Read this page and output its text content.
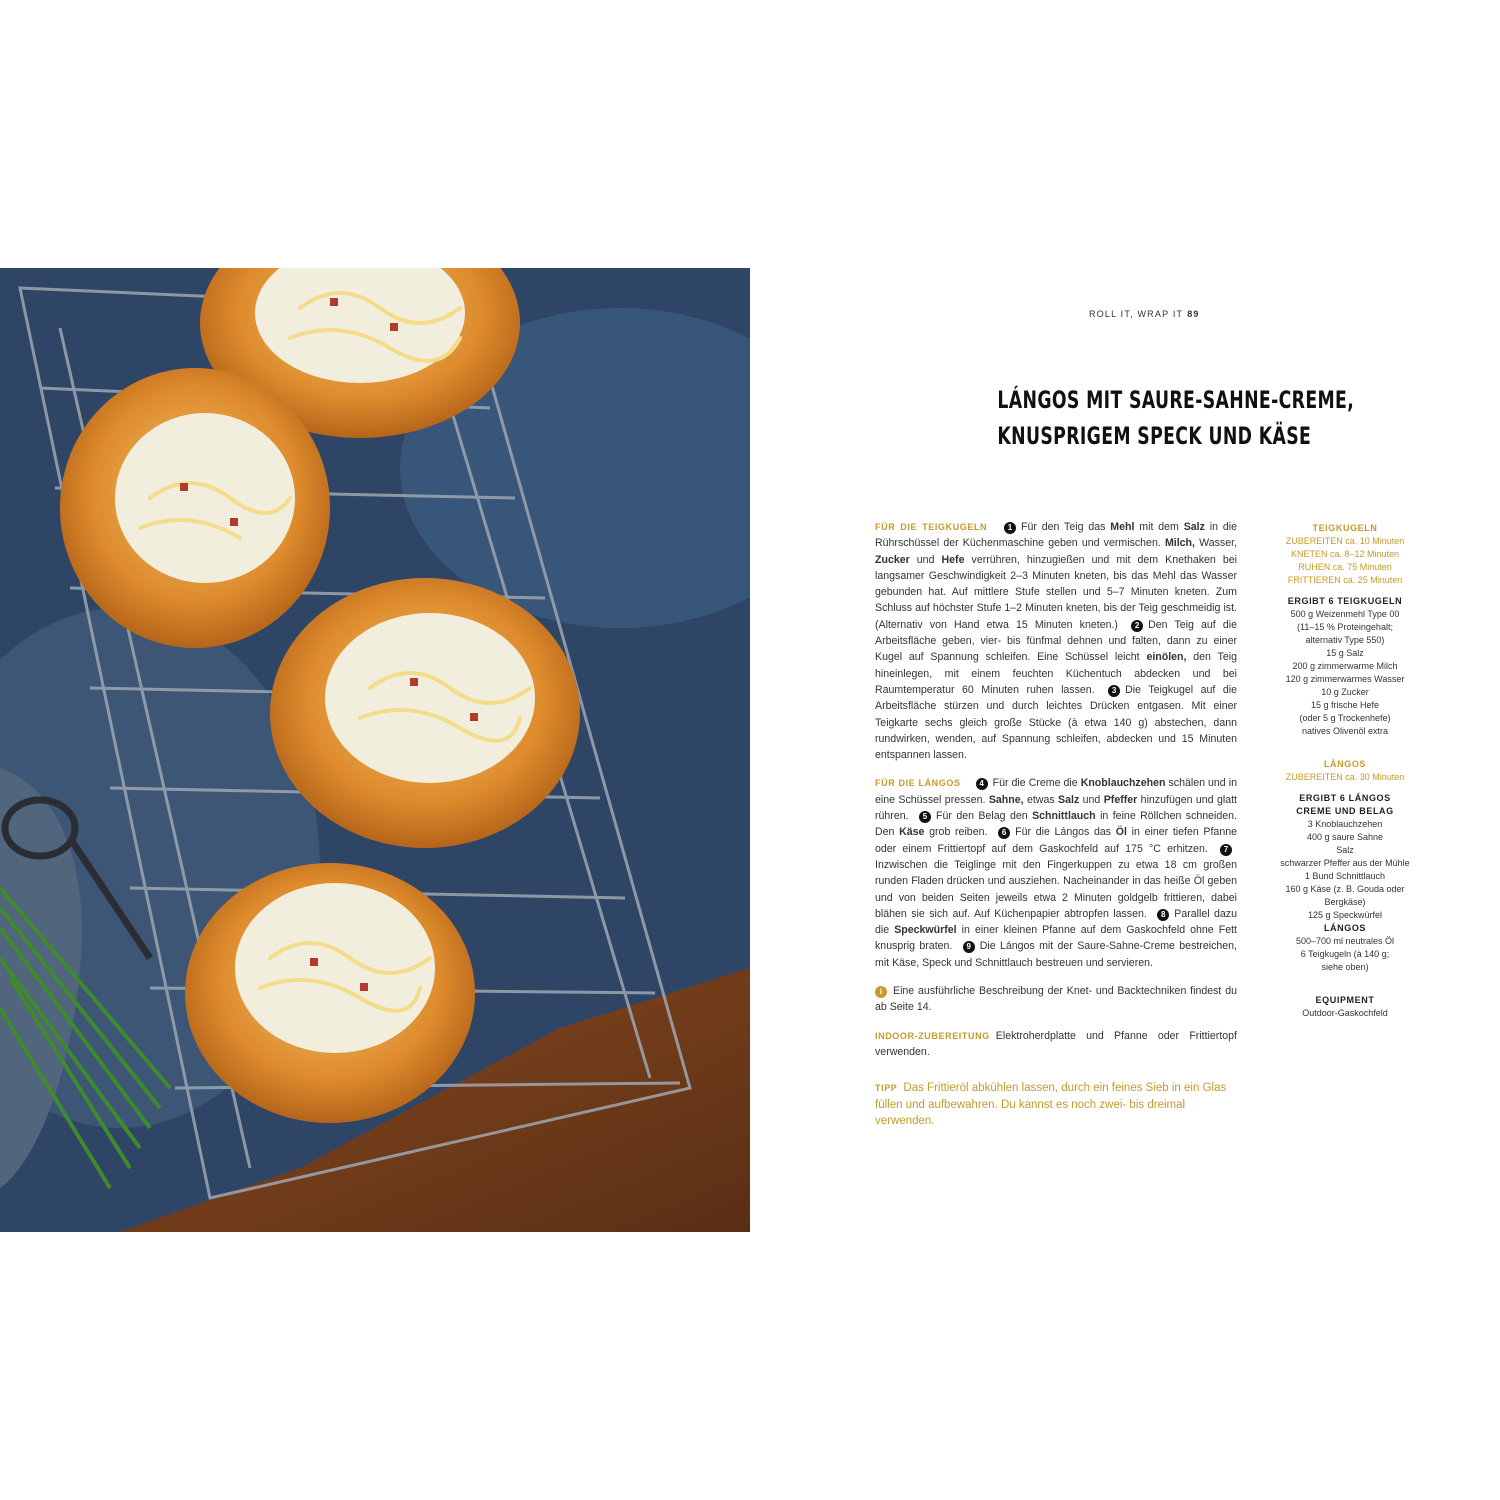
ROLL IT, WRAP IT 89
LÁNGOS MIT SAURE-SAHNE-CREME,
KNUSPRIGEM SPECK UND KÄSE

FÜR DIE TEIGKUGELN	1 Für den Teig das Mehl mit dem Salz in die Rührschüssel der Küchenmaschine geben und vermischen. Milch, Wasser, Zucker und Hefe verrühren, hinzugießen und mit dem Knethaken bei langsamer Geschwindigkeit 2–3 Minuten kneten, bis das Mehl das Wasser gebunden hat. Auf mittlere Stufe stellen und 5–7 Minuten kneten. Zum Schluss auf höchster Stufe 1–2 Minuten kneten, bis der Teig geschmeidig ist. (Alternativ von Hand etwa 15 Minuten kneten.) 2 Den Teig auf die Arbeitsfläche geben, vier- bis fünfmal dehnen und falten, dann zu einer Kugel auf Spannung schleifen. Eine Schüssel leicht einölen, den Teig hineinlegen, mit einem feuchten Küchentuch abdecken und bei Raumtemperatur 60 Minuten ruhen lassen. 3 Die Teigkugel auf die Arbeitsfläche stürzen und durch leichtes Drücken entgasen. Mit einer Teigkarte sechs gleich große Stücke (à etwa 140 g) abstechen, dann rundwirken, wenden, auf Spannung schleifen, abdecken und 15 Minuten entspannen lassen.

FÜR DIE LÁNGOS 4 Für die Creme die Knoblauchzehen schälen und in eine Schüssel pressen. Sahne, etwas Salz und Pfeffer hinzufügen und glatt rühren. 5 Für den Belag den Schnittlauch in feine Röllchen schneiden. Den Käse grob reiben. 6 Für die Lángos das Öl in einer tiefen Pfanne oder einem Frittiertopf auf dem Gaskochfeld auf 175 °C erhitzen. 7Inzwischen die Teiglinge mit den Fingerkuppen zu etwa 18 cm großen runden Fladen drücken und ausziehen. Nacheinander in das heiße Öl geben und von beiden Seiten jeweils etwa 2 Minuten goldgelb frittieren, dabei blähen sie sich auf. Auf Küchenpapier abtropfen lassen. 8 Parallel dazu die Speckwürfel in einer kleinen Pfanne auf dem Gaskochfeld ohne Fett knusprig braten. 9 Die Lángos mit der Saure-Sahne-Creme bestreichen, mit Käse, Speck und Schnittlauch bestreuen und servieren.

i Eine ausführliche Beschreibung der Knet- und Backtechniken findest du ab Seite 14.

INDOOR-ZUBEREITUNG Elektroherdplatte und Pfanne oder Frittiertopf verwenden.

TIPP Das Frittieröl abkühlen lassen, durch ein feines Sieb in ein Glas füllen und aufbewahren. Du kannst es noch zwei- bis dreimal verwenden.

TEIGKUGELN
ZUBEREITEN ca. 10 Minuten
KNETEN ca. 8–12 Minuten
RUHEN ca. 75 Minuten
FRITTIEREN ca. 25 Minuten
ERGIBT 6 TEIGKUGELN
500 g Weizenmehl Type 00
(11–15 % Proteingehalt;
alternativ Type 550)
15 g Salz
200 g zimmerwarme Milch
120 g zimmerwarmes Wasser
10 g Zucker
15 g frische Hefe
(oder 5 g Trockenhefe)
natives Olivenöl extra
LÁNGOS
ZUBEREITEN ca. 30 Minuten
ERGIBT 6 LÁNGOS
CREME UND BELAG
3 Knoblauchzehen
400 g saure Sahne
Salz
schwarzer Pfeffer aus der Mühle
1 Bund Schnittlauch
160 g Käse (z. B. Gouda oder
Bergkäse)
125 g Speckwürfel
LÁNGOS
500–700 ml neutrales Öl
6 Teigkugeln (à 140 g;
siehe oben)
EQUIPMENT
Outdoor-Gaskochfeld
